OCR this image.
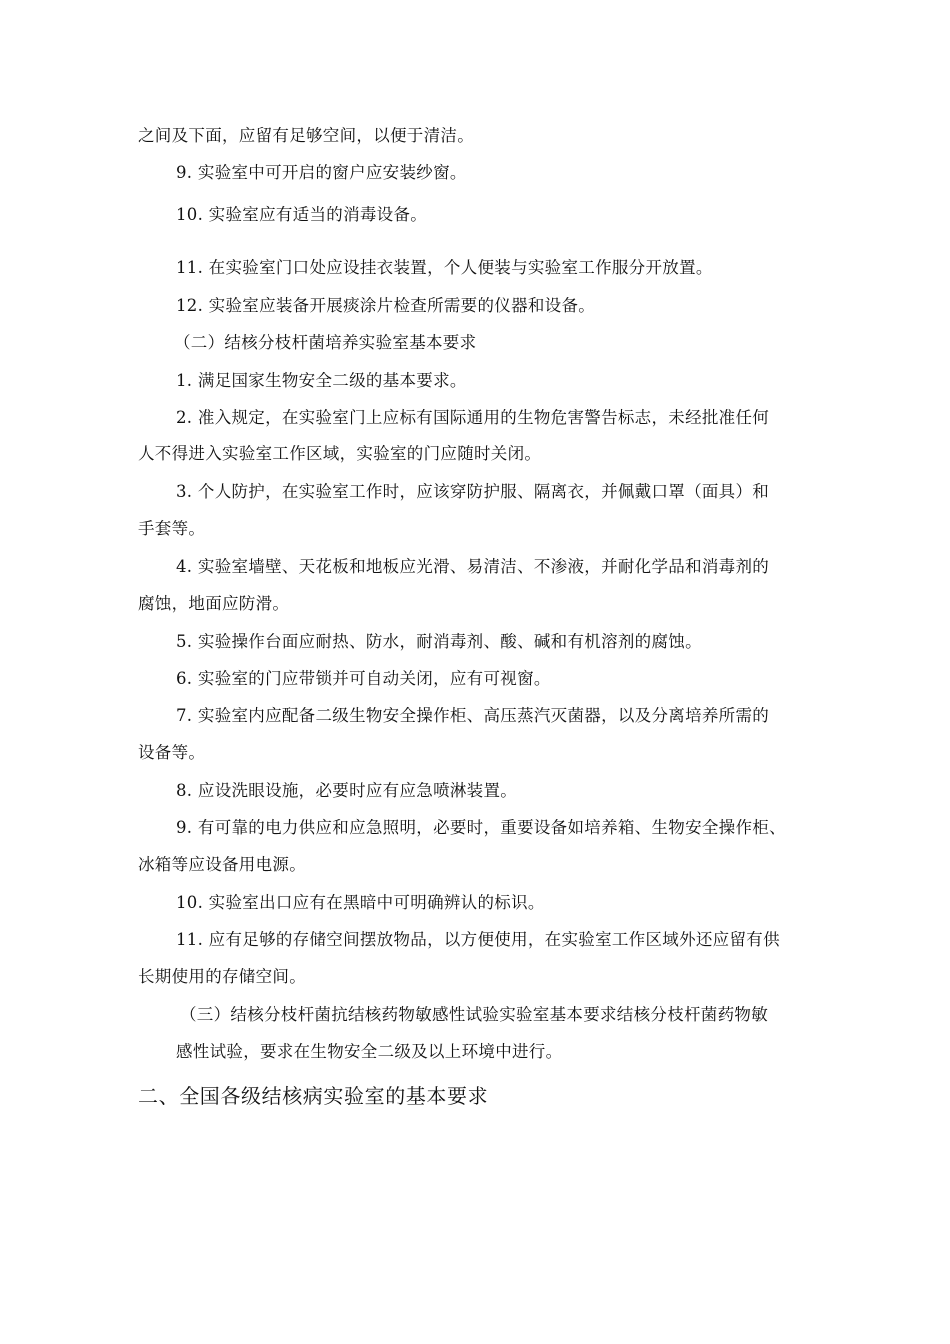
之间及下面，应留有足够空间，以便于清洁。
9. 实验室中可开启的窗户应安装纱窗。
10. 实验室应有适当的消毒设备。
11. 在实验室门口处应设挂衣装置，个人便装与实验室工作服分开放置。
12. 实验室应装备开展痰涂片检查所需要的仪器和设备。
（二）结核分枝杆菌培养实验室基本要求
1. 满足国家生物安全二级的基本要求。
2. 准入规定，在实验室门上应标有国际通用的生物危害警告标志，未经批准任何
人不得进入实验室工作区域，实验室的门应随时关闭。
3. 个人防护，在实验室工作时，应该穿防护服、隔离衣，并佩戴口罩（面具）和
手套等。
4. 实验室墙壁、天花板和地板应光滑、易清洁、不渗液，并耐化学品和消毒剂的
腐蚀，地面应防滑。
5. 实验操作台面应耐热、防水，耐消毒剂、酸、碱和有机溶剂的腐蚀。
6. 实验室的门应带锁并可自动关闭，应有可视窗。
7. 实验室内应配备二级生物安全操作柜、高压蒸汽灭菌器，以及分离培养所需的
设备等。
8. 应设洗眼设施，必要时应有应急喷淋装置。
9. 有可靠的电力供应和应急照明，必要时，重要设备如培养箱、生物安全操作柜、
冰箱等应设备用电源。
10. 实验室出口应有在黑暗中可明确辨认的标识。
11. 应有足够的存储空间摆放物品，以方便使用，在实验室工作区域外还应留有供
长期使用的存储空间。
（三）结核分枝杆菌抗结核药物敏感性试验实验室基本要求结核分枝杆菌药物敏
感性试验，要求在生物安全二级及以上环境中进行。
二、全国各级结核病实验室的基本要求
